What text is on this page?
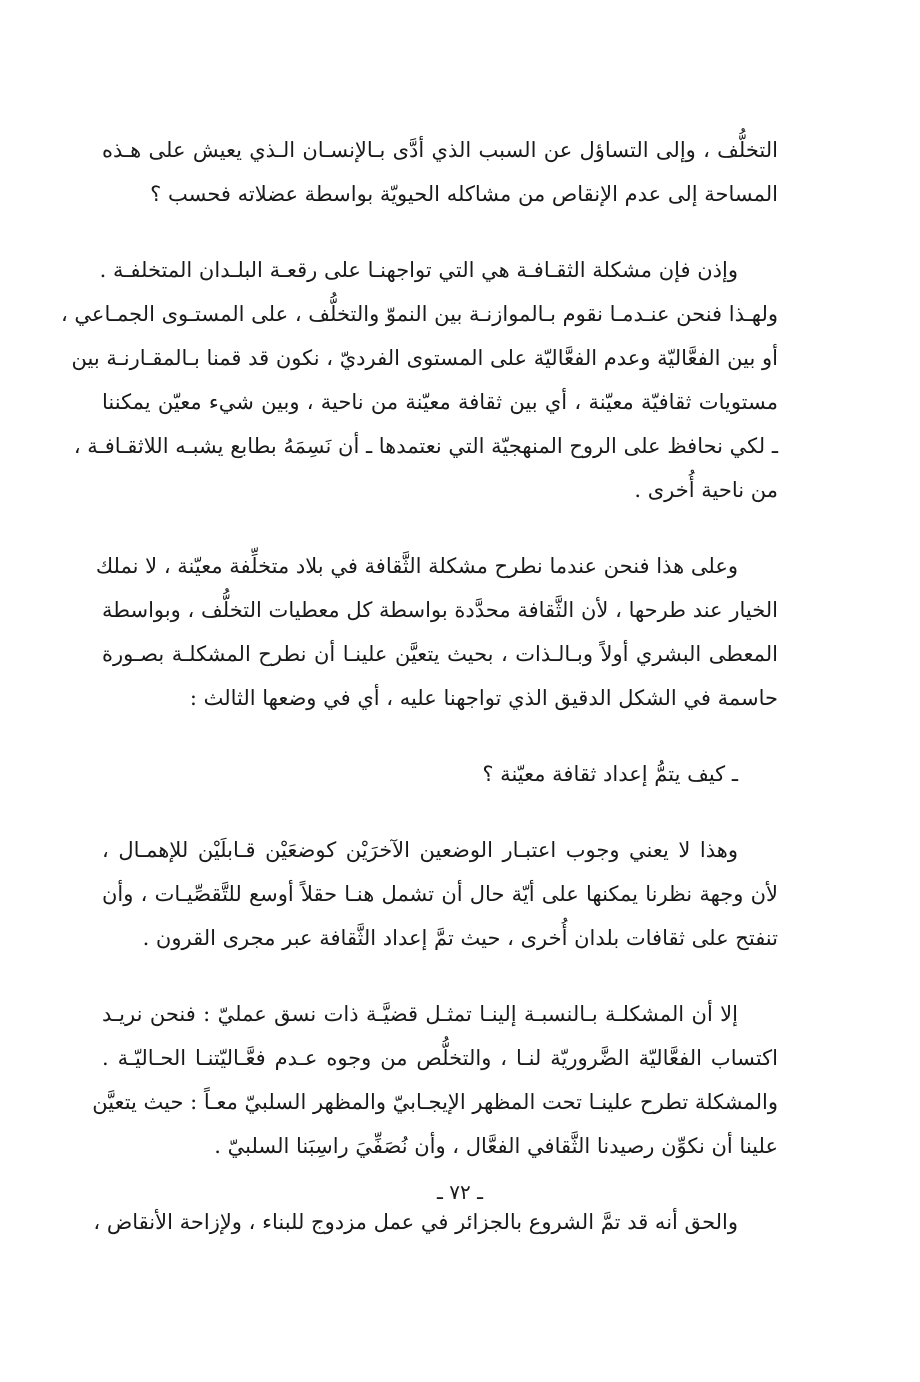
التخلُّف ، وإلى التساؤل عن السبب الذي أدَّى بـالإنسـان الـذي يعيش على هـذه
المساحة إلى عدم الإنقاص من مشاكله الحيويّة بواسطة عضلاته فحسب ؟

وإذن فإن مشكلة الثقـافـة هي التي تواجهنـا على رقعـة البلـدان المتخلفـة .
ولهـذا فنحن عنـدمـا نقوم بـالموازنـة بين النموّ والتخلُّف ، على المستـوى الجمـاعي ،
أو بين الفعَّاليّة وعدم الفعَّاليّة على المستوى الفرديّ ، نكون قد قمنا بـالمقـارنـة بين
مستويات ثقافيّة معيّنة ، أي بين ثقافة معيّنة من ناحية ، وبين شيء معيّن يمكننا
ـ لكي نحافظ على الروح المنهجيّة التي نعتمدها ـ أن نَسِمَهُ بطابع يشبـه اللاثقـافـة ،
من ناحية أُخرى .

وعلى هذا فنحن عندما نطرح مشكلة الثَّقافة في بلاد متخلِّفة معيّنة ، لا نملك
الخيار عند طرحها ، لأن الثَّقافة محدَّدة بواسطة كل معطيات التخلُّف ، وبواسطة
المعطى البشري أولاً وبـالـذات ، بحيث يتعيَّن علينـا أن نطرح المشكلـة بصـورة
حاسمة في الشكل الدقيق الذي تواجهنا عليه ، أي في وضعها الثالث :

ـ كيف يتمُّ إعداد ثقافة معيّنة ؟

وهذا لا يعني وجوب اعتبـار الوضعين الآخرَيْن كوضعَيْن قـابلَيْن للإهمـال ،
لأن وجهة نظرنا يمكنها على أيّة حال أن تشمل هنـا حقلاً أوسع للتَّقصِّيـات ، وأن
تنفتح على ثقافات بلدان أُخرى ، حيث تمَّ إعداد الثَّقافة عبر مجرى القرون .

إلا أن المشكلـة بـالنسبـة إلينـا تمثـل قضيَّـة ذات نسق عمليّ : فنحن نريـد
اكتساب الفعَّاليّة الضَّروريّة لنـا ، والتخلُّص من وجوه عـدم فعَّـاليّتنـا الحـاليّـة .
والمشكلة تطرح علينـا تحت المظهر الإيجـابيّ والمظهر السلبيّ معـاً : حيث يتعيَّن
علينا أن نكوِّن رصيدنا الثَّقافي الفعَّال ، وأن نُصَفِّيَ راسِبَنا السلبيّ .

والحق أنه قد تمَّ الشروع بالجزائر في عمل مزدوج للبناء ، ولإزاحة الأنقاض ،

ـ ٧٢ ـ
